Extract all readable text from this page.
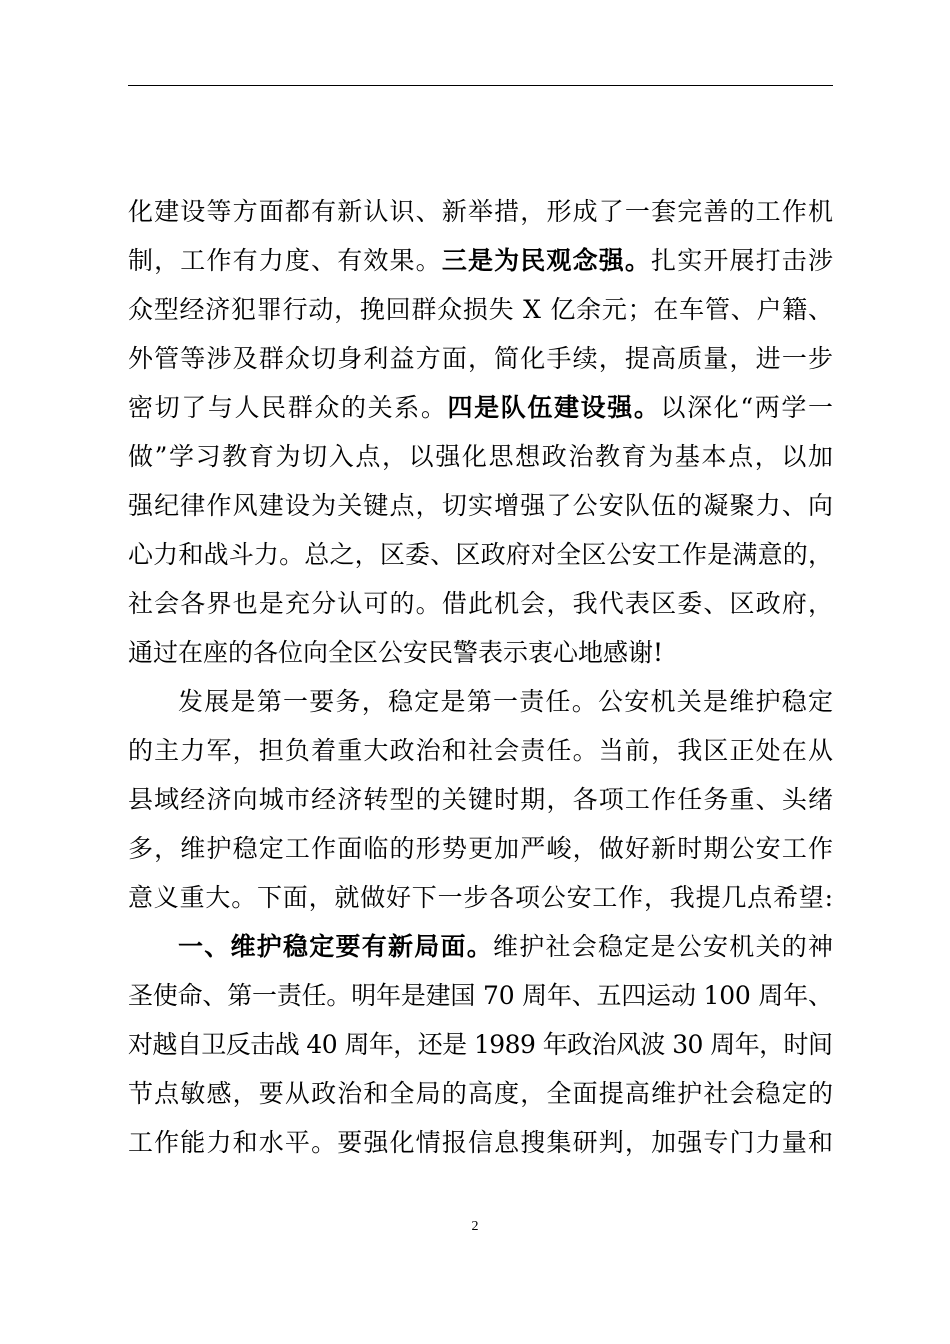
化建设等方面都有新认识、新举措，形成了一套完善的工作机
制，工作有力度、有效果。三是为民观念强。扎实开展打击涉
众型经济犯罪行动，挽回群众损失 X 亿余元；在车管、户籍、
外管等涉及群众切身利益方面，简化手续，提高质量，进一步
密切了与人民群众的关系。四是队伍建设强。以深化“两学一
做”学习教育为切入点，以强化思想政治教育为基本点，以加
强纪律作风建设为关键点，切实增强了公安队伍的凝聚力、向
心力和战斗力。总之，区委、区政府对全区公安工作是满意的，
社会各界也是充分认可的。借此机会，我代表区委、区政府，
通过在座的各位向全区公安民警表示衷心地感谢!
发展是第一要务，稳定是第一责任。公安机关是维护稳定
的主力军，担负着重大政治和社会责任。当前，我区正处在从
县域经济向城市经济转型的关键时期，各项工作任务重、头绪
多，维护稳定工作面临的形势更加严峻，做好新时期公安工作
意义重大。下面，就做好下一步各项公安工作，我提几点希望:
一、维护稳定要有新局面。维护社会稳定是公安机关的神
圣使命、第一责任。明年是建国 70 周年、五四运动 100 周年、
对越自卫反击战 40 周年，还是 1989 年政治风波 30 周年，时间
节点敏感，要从政治和全局的高度，全面提高维护社会稳定的
工作能力和水平。要强化情报信息搜集研判，加强专门力量和
2
